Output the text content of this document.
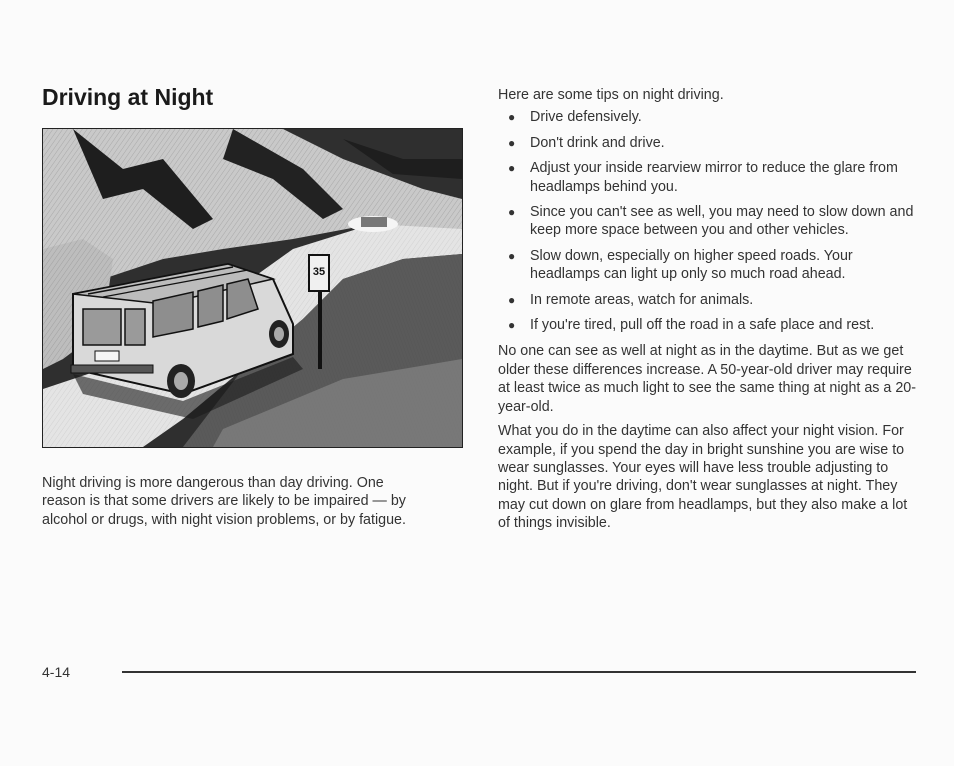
Driving at Night
35

Night driving is more dangerous than day driving. One reason is that some drivers are likely to be impaired — by alcohol or drugs, with night vision problems, or by fatigue.

Here are some tips on night driving.

● Drive defensively.
● Don't drink and drive.
● Adjust your inside rearview mirror to reduce the glare from headlamps behind you.
● Since you can't see as well, you may need to slow down and keep more space between you and other vehicles.
● Slow down, especially on higher speed roads. Your headlamps can light up only so much road ahead.
● In remote areas, watch for animals.
● If you're tired, pull off the road in a safe place and rest.

No one can see as well at night as in the daytime. But as we get older these differences increase. A 50-year-old driver may require at least twice as much light to see the same thing at night as a 20-year-old.

What you do in the daytime can also affect your night vision. For example, if you spend the day in bright sunshine you are wise to wear sunglasses. Your eyes will have less trouble adjusting to night. But if you're driving, don't wear sunglasses at night. They may cut down on glare from headlamps, but they also make a lot of things invisible.

4-14
